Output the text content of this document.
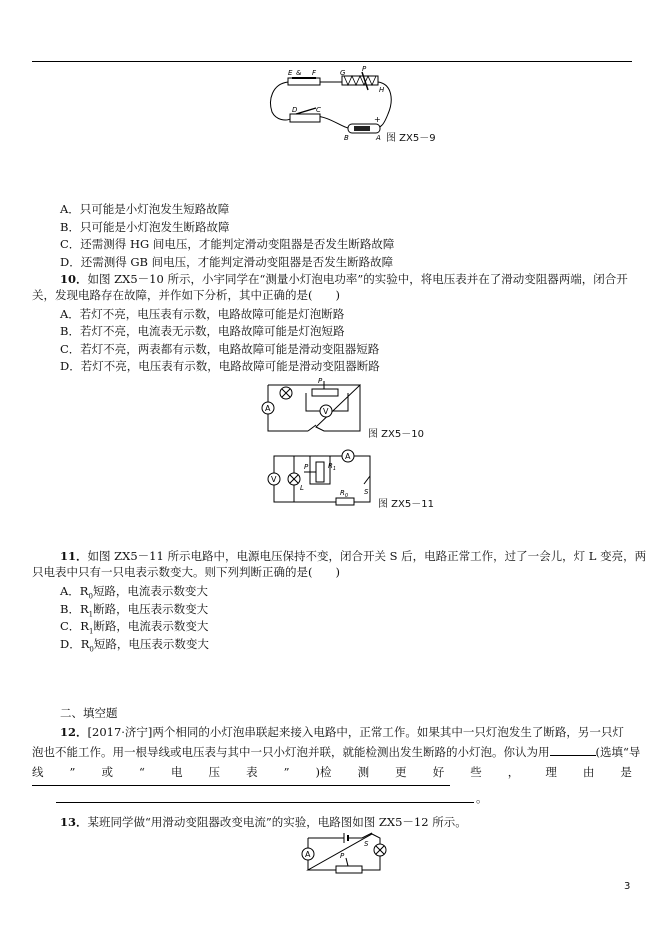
E & F	G P
H
D	C
B	A
+
图 ZX5－9
A．只可能是小灯泡发生短路故障
B．只可能是小灯泡发生断路故障
C．还需测得 HG 间电压，才能判定滑动变阻器是否发生断路故障
D．还需测得 GB 间电压，才能判定滑动变阻器是否发生断路故障
10．如图 ZX5－10 所示，小宇同学在“测量小灯泡电功率”的实验中，将电压表并在了滑动变阻器两端，闭合开
关，发现电路存在故障，并作如下分析，其中正确的是(　　)
A．若灯不亮，电压表有示数，电路故障可能是灯泡断路
B．若灯不亮，电流表无示数，电路故障可能是灯泡短路
C．若灯不亮，两表都有示数，电路故障可能是滑动变阻器短路
D．若灯不亮，电压表有示数，电路故障可能是滑动变阻器断路
A
P
V
图 ZX5－10
V
L
P	$R_1$
A
$R_0$ S
图 ZX5－11
11．如图 ZX5－11 所示电路中，电源电压保持不变，闭合开关 S 后，电路正常工作，过了一会儿，灯 L 变亮，两
只电表中只有一只电表示数变大。则下列判断正确的是(　　)
A．$R_0$短路，电流表示数变大
B．$R_1$断路，电压表示数变大
C．$R_1$断路，电流表示数变大
D．$R_0$短路，电压表示数变大
二、填空题
12．[2017·济宁]两个相同的小灯泡串联起来接入电路中，正常工作。如果其中一只灯泡发生了断路，另一只灯
泡也不能工作。用一根导线或电压表与其中一只小灯泡并联，就能检测出发生断路的小灯泡。你认为用	(选填“导
线 ” 或 “ 电 压 表 ” )检 测 更 好 些 ， 理 由 是
。
13．某班同学做“用滑动变阻器改变电流”的实验，电路图如图 ZX5－12 所示。
S
A	P
3
